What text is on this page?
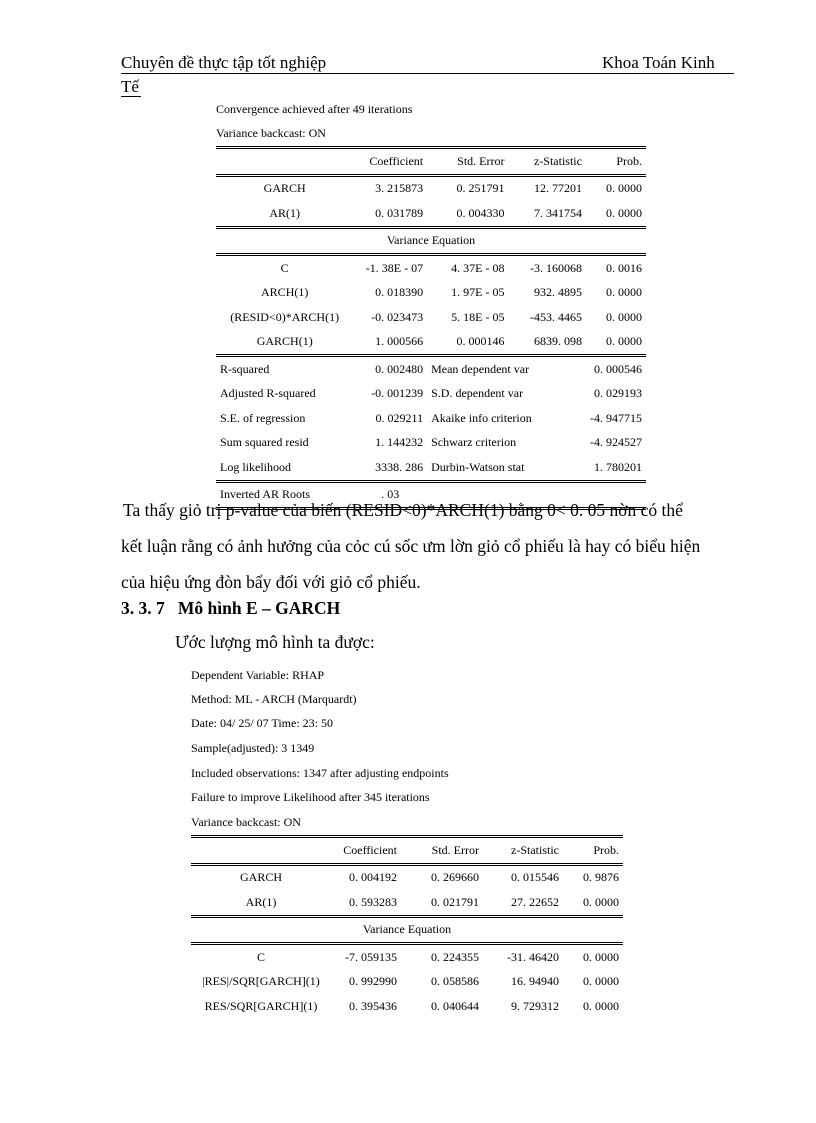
Chuyên đề thực tập tốt nghiệp	Khoa Toán Kinh
Tế
Convergence achieved after 49 iterations
Variance backcast: ON
	Coefficient	Std. Error	z-Statistic	Prob.
GARCH	3. 215873	0. 251791	12. 77201	0. 0000
AR(1)	0. 031789	0. 004330	7. 341754	0. 0000
Variance Equation				
C	-1. 38E - 07	4. 37E - 08	-3. 160068	0. 0016
ARCH(1)	0. 018390	1. 97E - 05	932. 4895	0. 0000
(RESID<0)*ARCH(1)	-0. 023473	5. 18E - 05	-453. 4465	0. 0000
GARCH(1)	1. 000566	0. 000146	6839. 098	0. 0000
R-squared	0. 002480	Mean dependent var		0. 000546
Adjusted R-squared	-0. 001239	S.D. dependent var		0. 029193
S.E. of regression	0. 029211	Akaike info criterion		-4. 947715
Sum squared resid	1. 144232	Schwarz criterion		-4. 924527
Log likelihood	3338. 286	Durbin-Watson stat		1. 780201
Inverted AR Roots	. 03			
Ta thấy giỏ trị p-value của biến (RESID<0)*ARCH(1) bằng 0< 0. 05 nờn có thể
kết luận rằng có ảnh hưởng của cỏc cú sốc ưm lờn giỏ cổ phiếu là hay có biểu hiện
của hiệu ứng đòn bẩy đối với giỏ cổ phiếu.
3. 3. 7 Mô hình E – GARCH
Ước lượng mô hình ta được:
Dependent Variable: RHAP
Method: ML - ARCH (Marquardt)
Date: 04/ 25/ 07 Time: 23: 50
Sample(adjusted): 3 1349
Included observations: 1347 after adjusting endpoints
Failure to improve Likelihood after 345 iterations
Variance backcast: ON
	Coefficient	Std. Error	z-Statistic	Prob.
GARCH	0. 004192	0. 269660	0. 015546	0. 9876
AR(1)	0. 593283	0. 021791	27. 22652	0. 0000
Variance Equation				
C	-7. 059135	0. 224355	-31. 46420	0. 0000
|RES|/SQR[GARCH](1)	0. 992990	0. 058586	16. 94940	0. 0000
RES/SQR[GARCH](1)	0. 395436	0. 040644	9. 729312	0. 0000
